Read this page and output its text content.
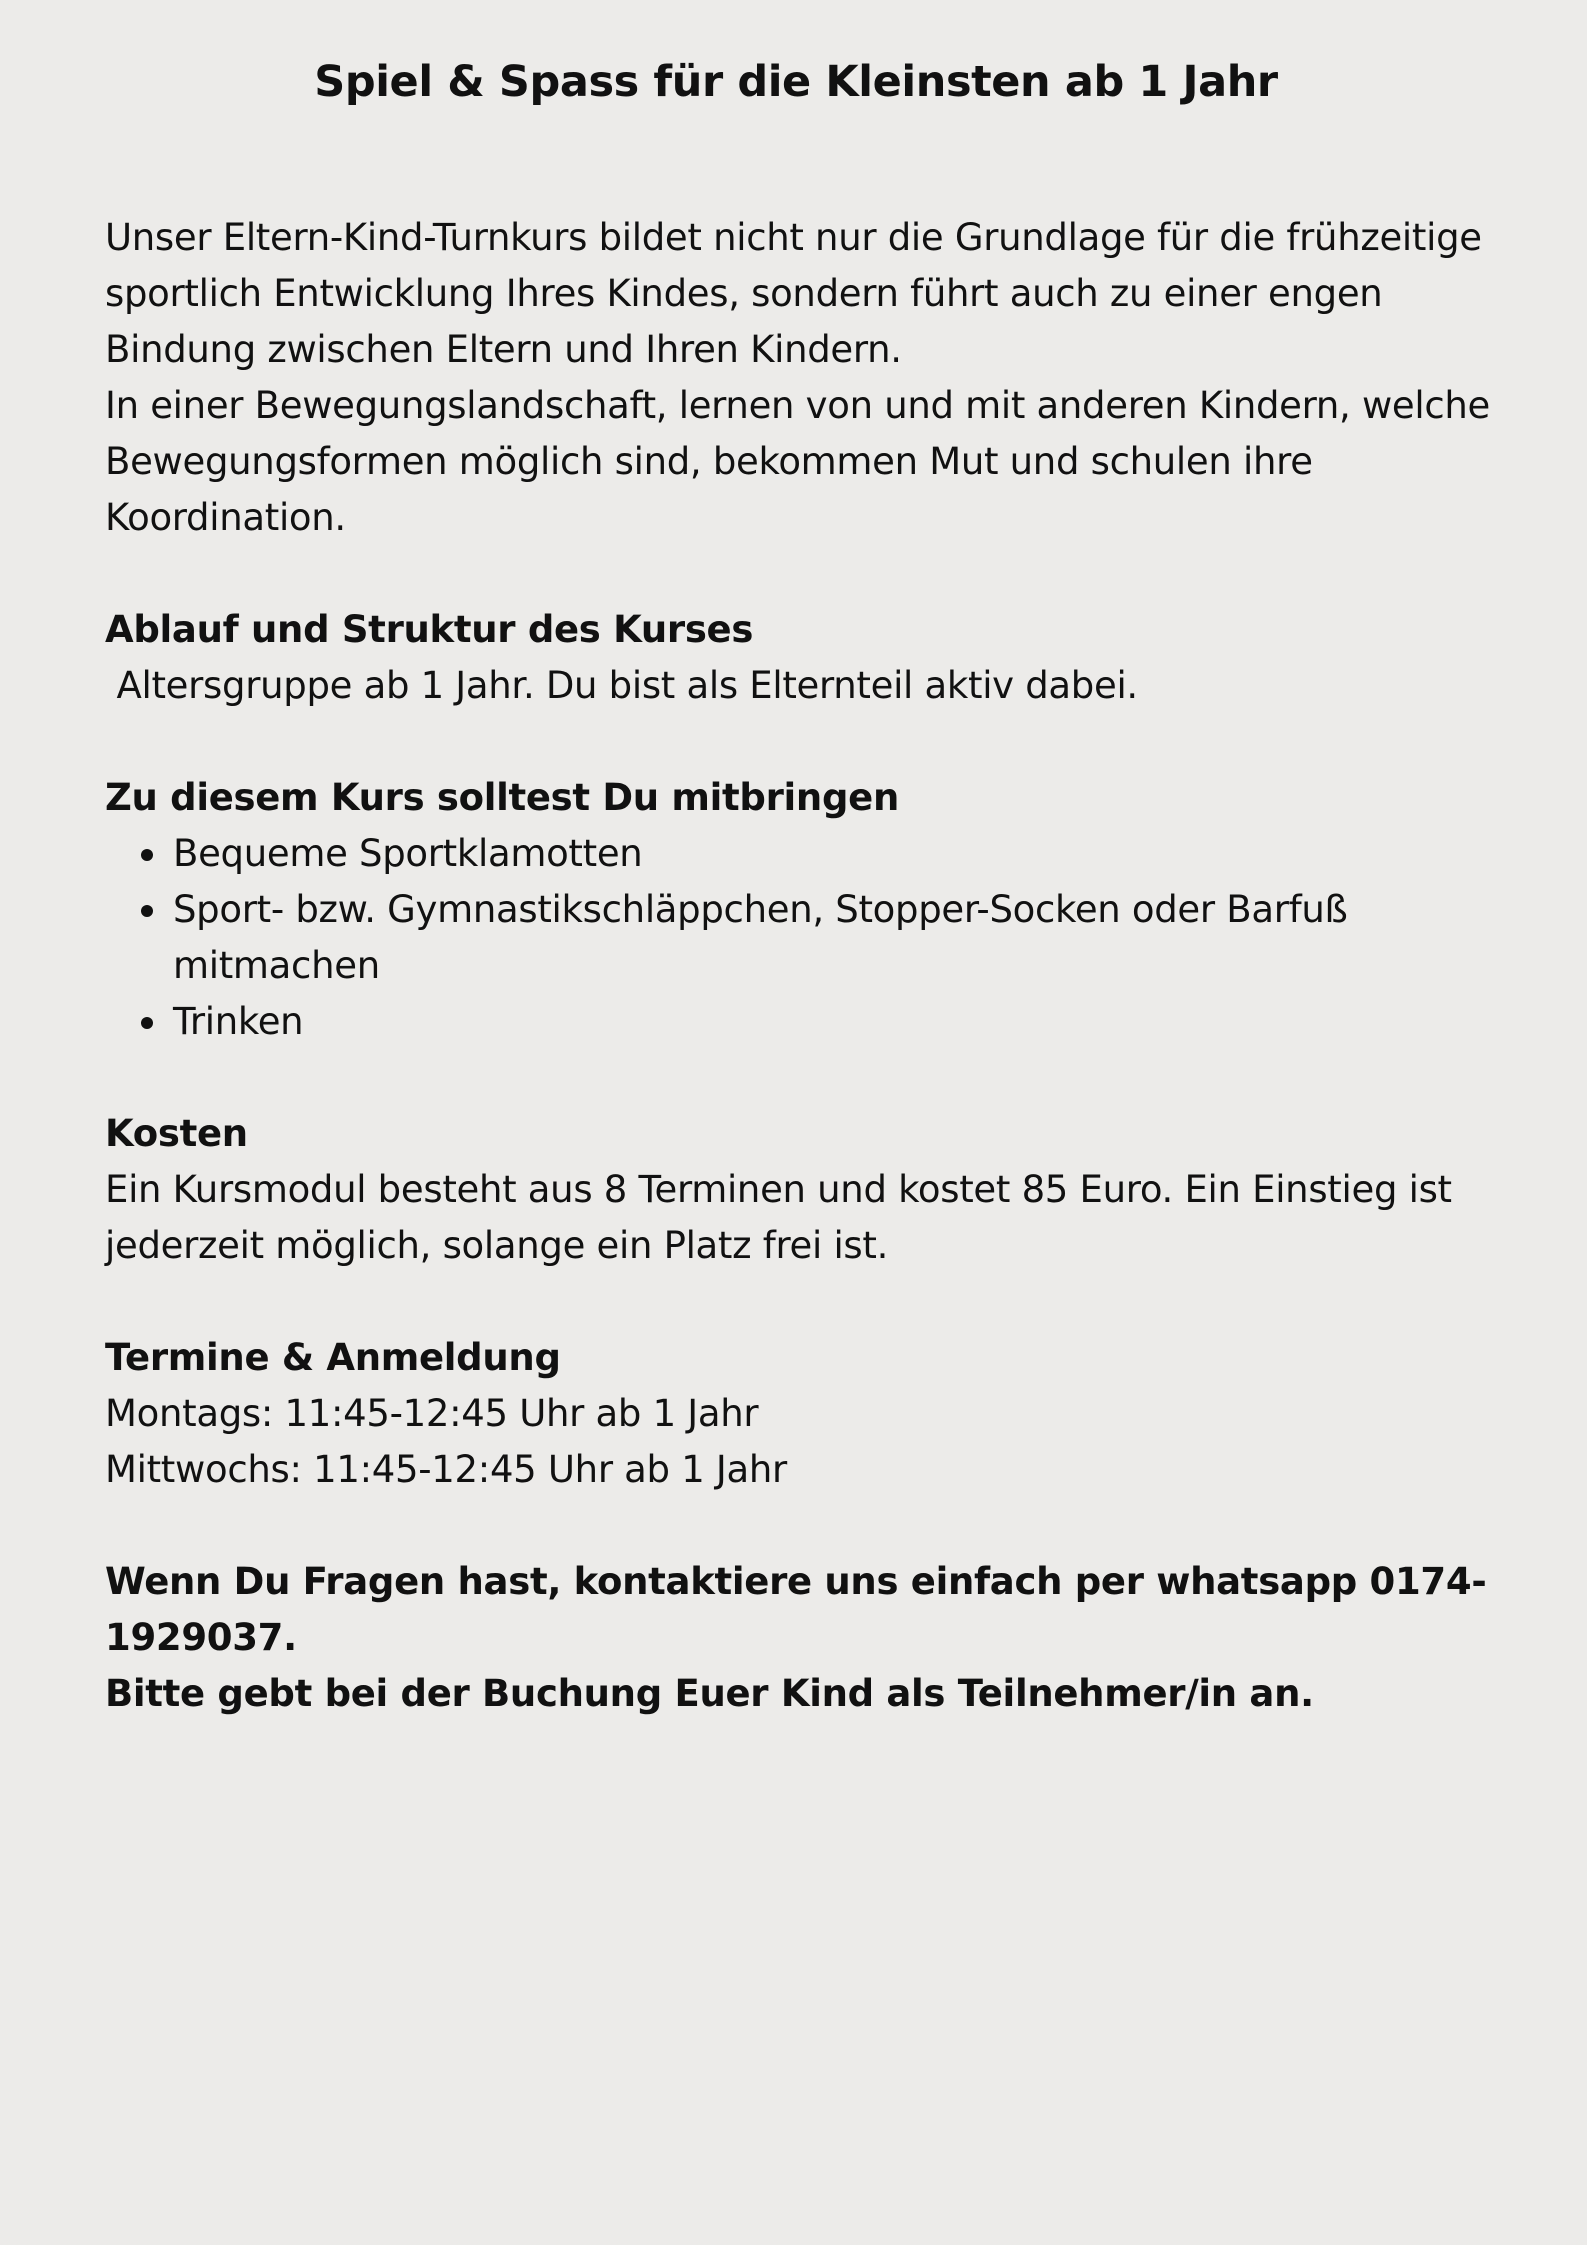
Spiel & Spass für die Kleinsten ab 1 Jahr

Unser Eltern-Kind-Turnkurs bildet nicht nur die Grundlage für die frühzeitige

sportlich Entwicklung Ihres Kindes, sondern führt auch zu einer engen

Bindung zwischen Eltern und Ihren Kindern.

In einer Bewegungslandschaft, lernen von und mit anderen Kindern, welche

Bewegungsformen möglich sind, bekommen Mut und schulen ihre

Koordination.

Ablauf und Struktur des Kurses

Altersgruppe ab 1 Jahr. Du bist als Elternteil aktiv dabei.

Zu diesem Kurs solltest Du mitbringen

Bequeme Sportklamotten
Sport- bzw. Gymnastikschläppchen, Stopper-Socken oder Barfuß
mitmachen
Trinken

Kosten

Ein Kursmodul besteht aus 8 Terminen und kostet 85 Euro. Ein Einstieg ist

jederzeit möglich, solange ein Platz frei ist.

Termine & Anmeldung

Montags: 11:45-12:45 Uhr ab 1 Jahr

Mittwochs: 11:45-12:45 Uhr ab 1 Jahr

Wenn Du Fragen hast, kontaktiere uns einfach per whatsapp 0174-1929037.

Bitte gebt bei der Buchung Euer Kind als Teilnehmer/in an.
